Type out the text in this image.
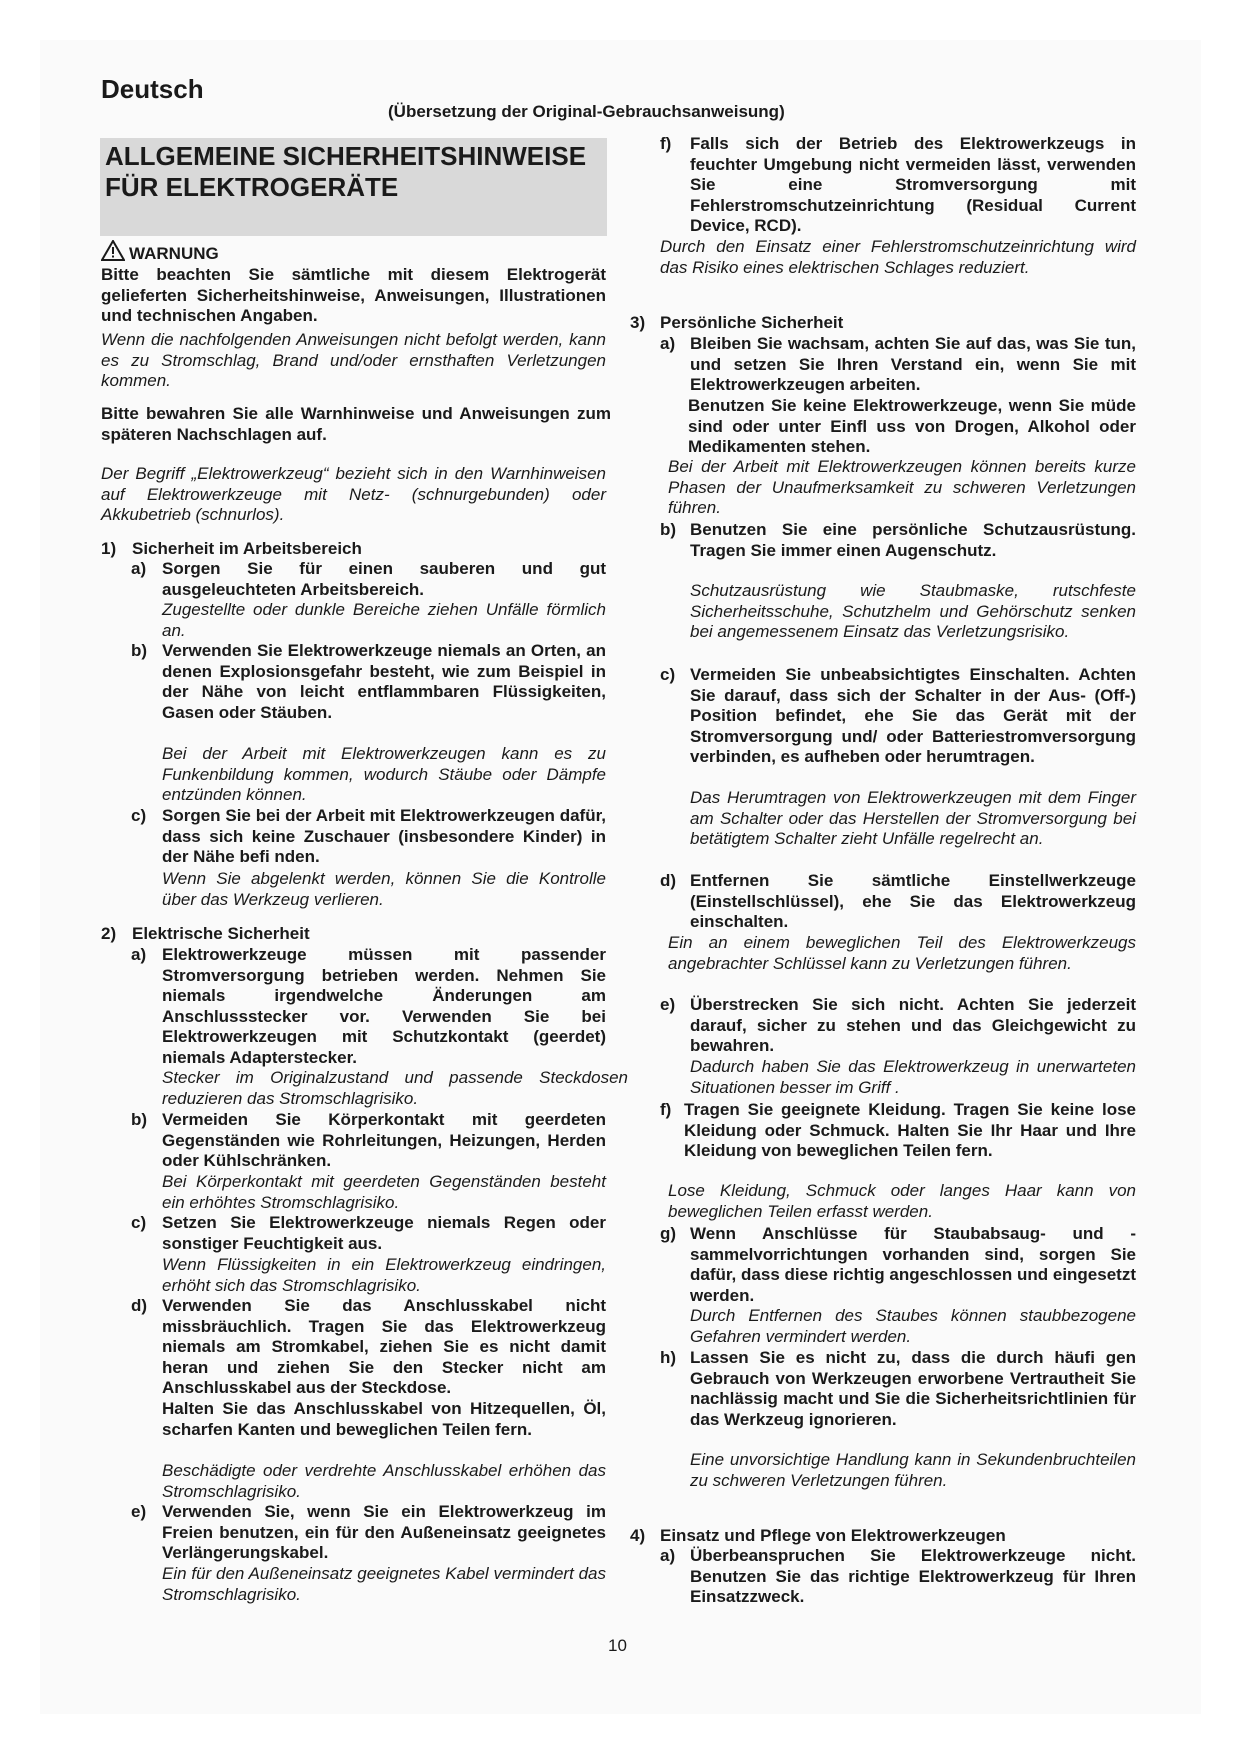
Deutsch
(Übersetzung der Original-Gebrauchsanweisung)
ALLGEMEINE SICHERHEITSHINWEISE FÜR ELEKTROGERÄTE
WARNUNG
Bitte beachten Sie sämtliche mit diesem Elektrogerät gelieferten Sicherheitshinweise, Anweisungen, Illustrationen und technischen Angaben.
Wenn die nachfolgenden Anweisungen nicht befolgt werden, kann es zu Stromschlag, Brand und/oder ernsthaften Verletzungen kommen.
Bitte bewahren Sie alle Warnhinweise und Anweisungen zum späteren Nachschlagen auf.
Der Begriff „Elektrowerkzeug“ bezieht sich in den Warnhinweisen auf Elektrowerkzeuge mit Netz- (schnurgebunden) oder Akkubetrieb (schnurlos).
1) Sicherheit im Arbeitsbereich
a) Sorgen Sie für einen sauberen und gut ausgeleuchteten Arbeitsbereich.
Zugestellte oder dunkle Bereiche ziehen Unfälle förmlich an.
b) Verwenden Sie Elektrowerkzeuge niemals an Orten, an denen Explosionsgefahr besteht, wie zum Beispiel in der Nähe von leicht entflammbaren Flüssigkeiten, Gasen oder Stäuben.
Bei der Arbeit mit Elektrowerkzeugen kann es zu Funkenbildung kommen, wodurch Stäube oder Dämpfe entzünden können.
c) Sorgen Sie bei der Arbeit mit Elektrowerkzeugen dafür, dass sich keine Zuschauer (insbesondere Kinder) in der Nähe befi nden.
Wenn Sie abgelenkt werden, können Sie die Kontrolle über das Werkzeug verlieren.
2) Elektrische Sicherheit
a) Elektrowerkzeuge müssen mit passender Stromversorgung betrieben werden. Nehmen Sie niemals irgendwelche Änderungen am Anschlussstecker vor. Verwenden Sie bei Elektrowerkzeugen mit Schutzkontakt (geerdet) niemals Adapterstecker.
Stecker im Originalzustand und passende Steckdosen reduzieren das Stromschlagrisiko.
b) Vermeiden Sie Körperkontakt mit geerdeten Gegenständen wie Rohrleitungen, Heizungen, Herden oder Kühlschränken.
Bei Körperkontakt mit geerdeten Gegenständen besteht ein erhöhtes Stromschlagrisiko.
c) Setzen Sie Elektrowerkzeuge niemals Regen oder sonstiger Feuchtigkeit aus.
Wenn Flüssigkeiten in ein Elektrowerkzeug eindringen, erhöht sich das Stromschlagrisiko.
d) Verwenden Sie das Anschlusskabel nicht missbräuchlich. Tragen Sie das Elektrowerkzeug niemals am Stromkabel, ziehen Sie es nicht damit heran und ziehen Sie den Stecker nicht am Anschlusskabel aus der Steckdose.
Halten Sie das Anschlusskabel von Hitzequellen, Öl, scharfen Kanten und beweglichen Teilen fern.
Beschädigte oder verdrehte Anschlusskabel erhöhen das Stromschlagrisiko.
e) Verwenden Sie, wenn Sie ein Elektrowerkzeug im Freien benutzen, ein für den Außeneinsatz geeignetes Verlängerungskabel.
Ein für den Außeneinsatz geeignetes Kabel vermindert das Stromschlagrisiko.
f) Falls sich der Betrieb des Elektrowerkzeugs in feuchter Umgebung nicht vermeiden lässt, verwenden Sie eine Stromversorgung mit Fehlerstromschutzeinrichtung (Residual Current Device, RCD).
Durch den Einsatz einer Fehlerstromschutzeinrichtung wird das Risiko eines elektrischen Schlages reduziert.
3) Persönliche Sicherheit
a) Bleiben Sie wachsam, achten Sie auf das, was Sie tun, und setzen Sie Ihren Verstand ein, wenn Sie mit Elektrowerkzeugen arbeiten.
Benutzen Sie keine Elektrowerkzeuge, wenn Sie müde sind oder unter Einfl uss von Drogen, Alkohol oder Medikamenten stehen.
Bei der Arbeit mit Elektrowerkzeugen können bereits kurze Phasen der Unaufmerksamkeit zu schweren Verletzungen führen.
b) Benutzen Sie eine persönliche Schutzausrüstung. Tragen Sie immer einen Augenschutz.
Schutzausrüstung wie Staubmaske, rutschfeste Sicherheitsschuhe, Schutzhelm und Gehörschutz senken bei angemessenem Einsatz das Verletzungsrisiko.
c) Vermeiden Sie unbeabsichtigtes Einschalten. Achten Sie darauf, dass sich der Schalter in der Aus- (Off-) Position befindet, ehe Sie das Gerät mit der Stromversorgung und/ oder Batteriestromversorgung verbinden, es aufheben oder herumtragen.
Das Herumtragen von Elektrowerkzeugen mit dem Finger am Schalter oder das Herstellen der Stromversorgung bei betätigtem Schalter zieht Unfälle regelrecht an.
d) Entfernen Sie sämtliche Einstellwerkzeuge (Einstellschlüssel), ehe Sie das Elektrowerkzeug einschalten.
Ein an einem beweglichen Teil des Elektrowerkzeugs angebrachter Schlüssel kann zu Verletzungen führen.
e) Überstrecken Sie sich nicht. Achten Sie jederzeit darauf, sicher zu stehen und das Gleichgewicht zu bewahren.
Dadurch haben Sie das Elektrowerkzeug in unerwarteten Situationen besser im Griff .
f) Tragen Sie geeignete Kleidung. Tragen Sie keine lose Kleidung oder Schmuck. Halten Sie Ihr Haar und Ihre Kleidung von beweglichen Teilen fern.
Lose Kleidung, Schmuck oder langes Haar kann von beweglichen Teilen erfasst werden.
g) Wenn Anschlüsse für Staubabsaug- und - sammelvorrichtungen vorhanden sind, sorgen Sie dafür, dass diese richtig angeschlossen und eingesetzt werden.
Durch Entfernen des Staubes können staubbezogene Gefahren vermindert werden.
h) Lassen Sie es nicht zu, dass die durch häufi gen Gebrauch von Werkzeugen erworbene Vertrautheit Sie nachlässig macht und Sie die Sicherheitsrichtlinien für das Werkzeug ignorieren.
Eine unvorsichtige Handlung kann in Sekundenbruchteilen zu schweren Verletzungen führen.
4) Einsatz und Pflege von Elektrowerkzeugen
a) Überbeanspruchen Sie Elektrowerkzeuge nicht. Benutzen Sie das richtige Elektrowerkzeug für Ihren Einsatzzweck.
10
